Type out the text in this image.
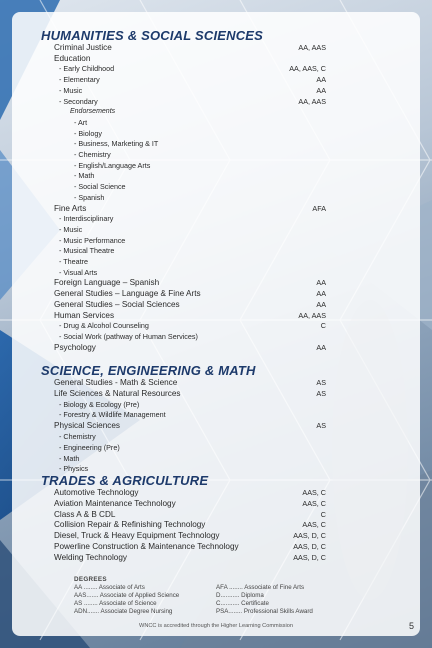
HUMANITIES & SOCIAL SCIENCES
Criminal Justice	AA, AAS
Education
- Early Childhood	AA, AAS, C
- Elementary	AA
- Music	AA
- Secondary	AA, AAS
Endorsements
- Art
- Biology
- Business, Marketing & IT
- Chemistry
- English/Language Arts
- Math
- Social Science
- Spanish
Fine Arts	AFA
- Interdisciplinary
- Music
- Music Performance
- Musical Theatre
- Theatre
- Visual Arts
Foreign Language – Spanish	AA
General Studies – Language & Fine Arts	AA
General Studies – Social Sciences	AA
Human Services	AA, AAS
- Drug & Alcohol Counseling	C
- Social Work (pathway of Human Services)
Psychology	AA
SCIENCE, ENGINEERING & MATH
General Studies - Math & Science	AS
Life Sciences & Natural Resources	AS
- Biology & Ecology (Pre)
- Forestry & Wildlife Management
Physical Sciences	AS
- Chemistry
- Engineering (Pre)
- Math
- Physics
TRADES & AGRICULTURE
Automotive Technology	AAS, C
Aviation Maintenance Technology	AAS, C
Class A & B CDL	C
Collision Repair & Refinishing Technology	AAS, C
Diesel, Truck & Heavy Equipment Technology	AAS, D, C
Powerline Construction & Maintenance Technology	AAS, D, C
Welding Technology	AAS, D, C
DEGREES
AA ........ Associate of Arts
AAS....... Associate of Applied Science
AS ........ Associate of Science
ADN....... Associate Degree Nursing
AFA ........ Associate of Fine Arts
D........... Diploma
C........... Certificate
PSA........ Professional Skills Award
WNCC is accredited through the Higher Learning Commission	5
